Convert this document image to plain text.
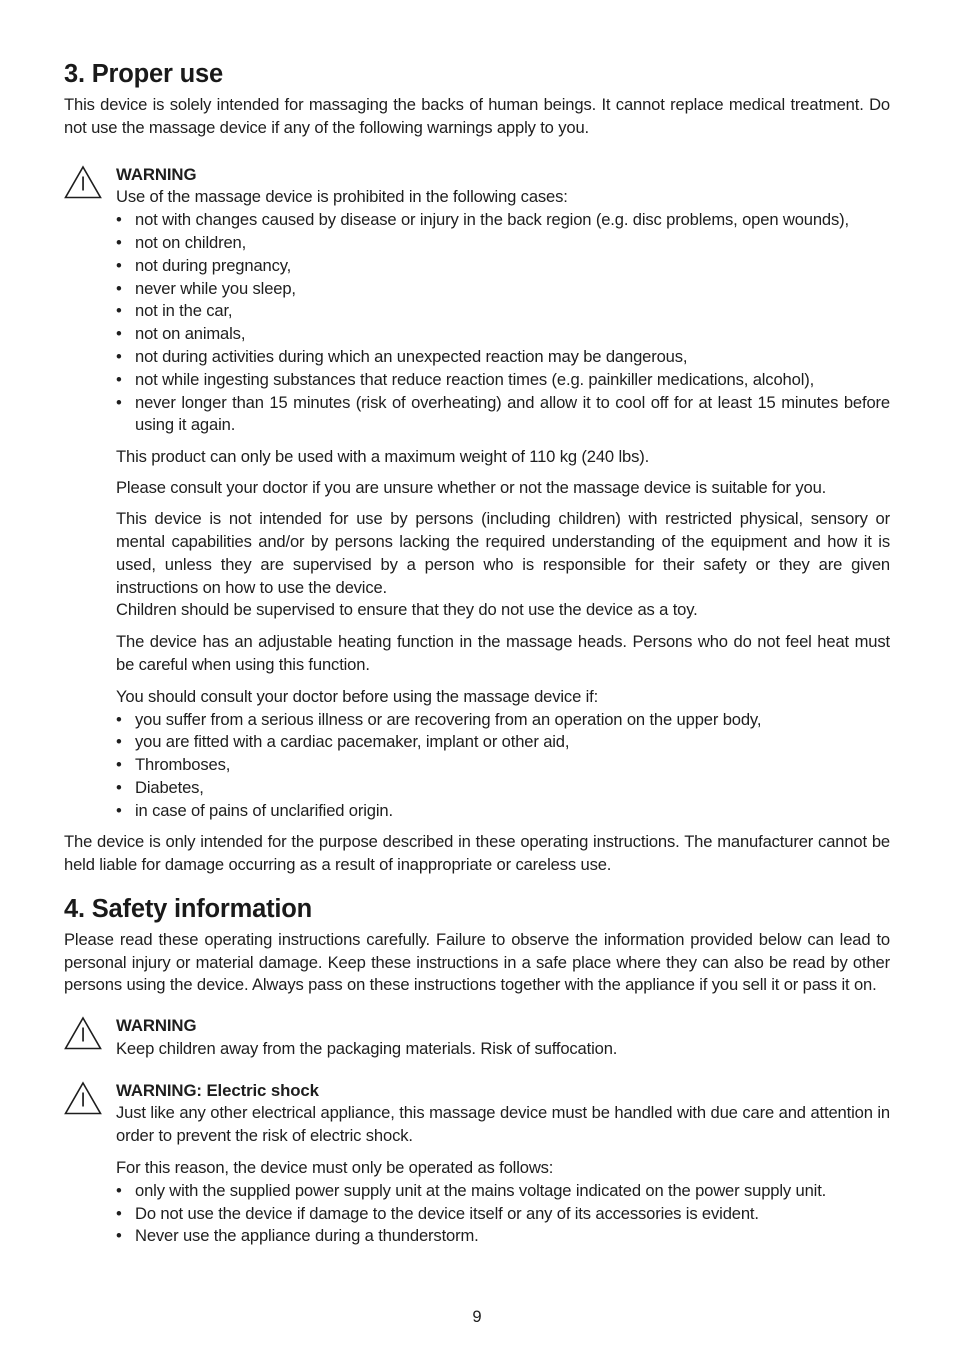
3. Proper use

This device is solely intended for massaging the backs of human beings. It cannot replace medical treatment. Do not use the massage device if any of the following warnings apply to you.

WARNING

Use of the massage device is prohibited in the following cases:

• not with changes caused by disease or injury in the back region (e.g. disc problems, open wounds),
• not on children,
• not during pregnancy,
• never while you sleep,
• not in the car,
• not on animals,
• not during activities during which an unexpected reaction may be dangerous,
• not while ingesting substances that reduce reaction times (e.g. painkiller medications, alcohol),
• never longer than 15 minutes (risk of overheating) and allow it to cool off for at least 15 minutes before using it again.

This product can only be used with a maximum weight of 110 kg (240 lbs).

Please consult your doctor if you are unsure whether or not the massage device is suitable for you.

This device is not intended for use by persons (including children) with restricted physical, sensory or mental capabilities and/or by persons lacking the required understanding of the equipment and how it is used, unless they are supervised by a person who is responsible for their safety or they are given instructions on how to use the device.

Children should be supervised to ensure that they do not use the device as a toy.

The device has an adjustable heating function in the massage heads. Persons who do not feel heat must be careful when using this function.

You should consult your doctor before using the massage device if:

• you suffer from a serious illness or are recovering from an operation on the upper body,
• you are fitted with a cardiac pacemaker, implant or other aid,
• Thromboses,
• Diabetes,
• in case of pains of unclarified origin.

The device is only intended for the purpose described in these operating instructions. The manufacturer cannot be held liable for damage occurring as a result of inappropriate or careless use.

4. Safety information

Please read these operating instructions carefully. Failure to observe the information provided below can lead to personal injury or material damage. Keep these instructions in a safe place where they can also be read by other persons using the device. Always pass on these instructions together with the appliance if you sell it or pass it on.

WARNING

Keep children away from the packaging materials. Risk of suffocation.

WARNING: Electric shock

Just like any other electrical appliance, this massage device must be handled with due care and attention in order to prevent the risk of electric shock.

For this reason, the device must only be operated as follows:

• only with the supplied power supply unit at the mains voltage indicated on the power supply unit.
• Do not use the device if damage to the device itself or any of its accessories is evident.
• Never use the appliance during a thunderstorm.
9
